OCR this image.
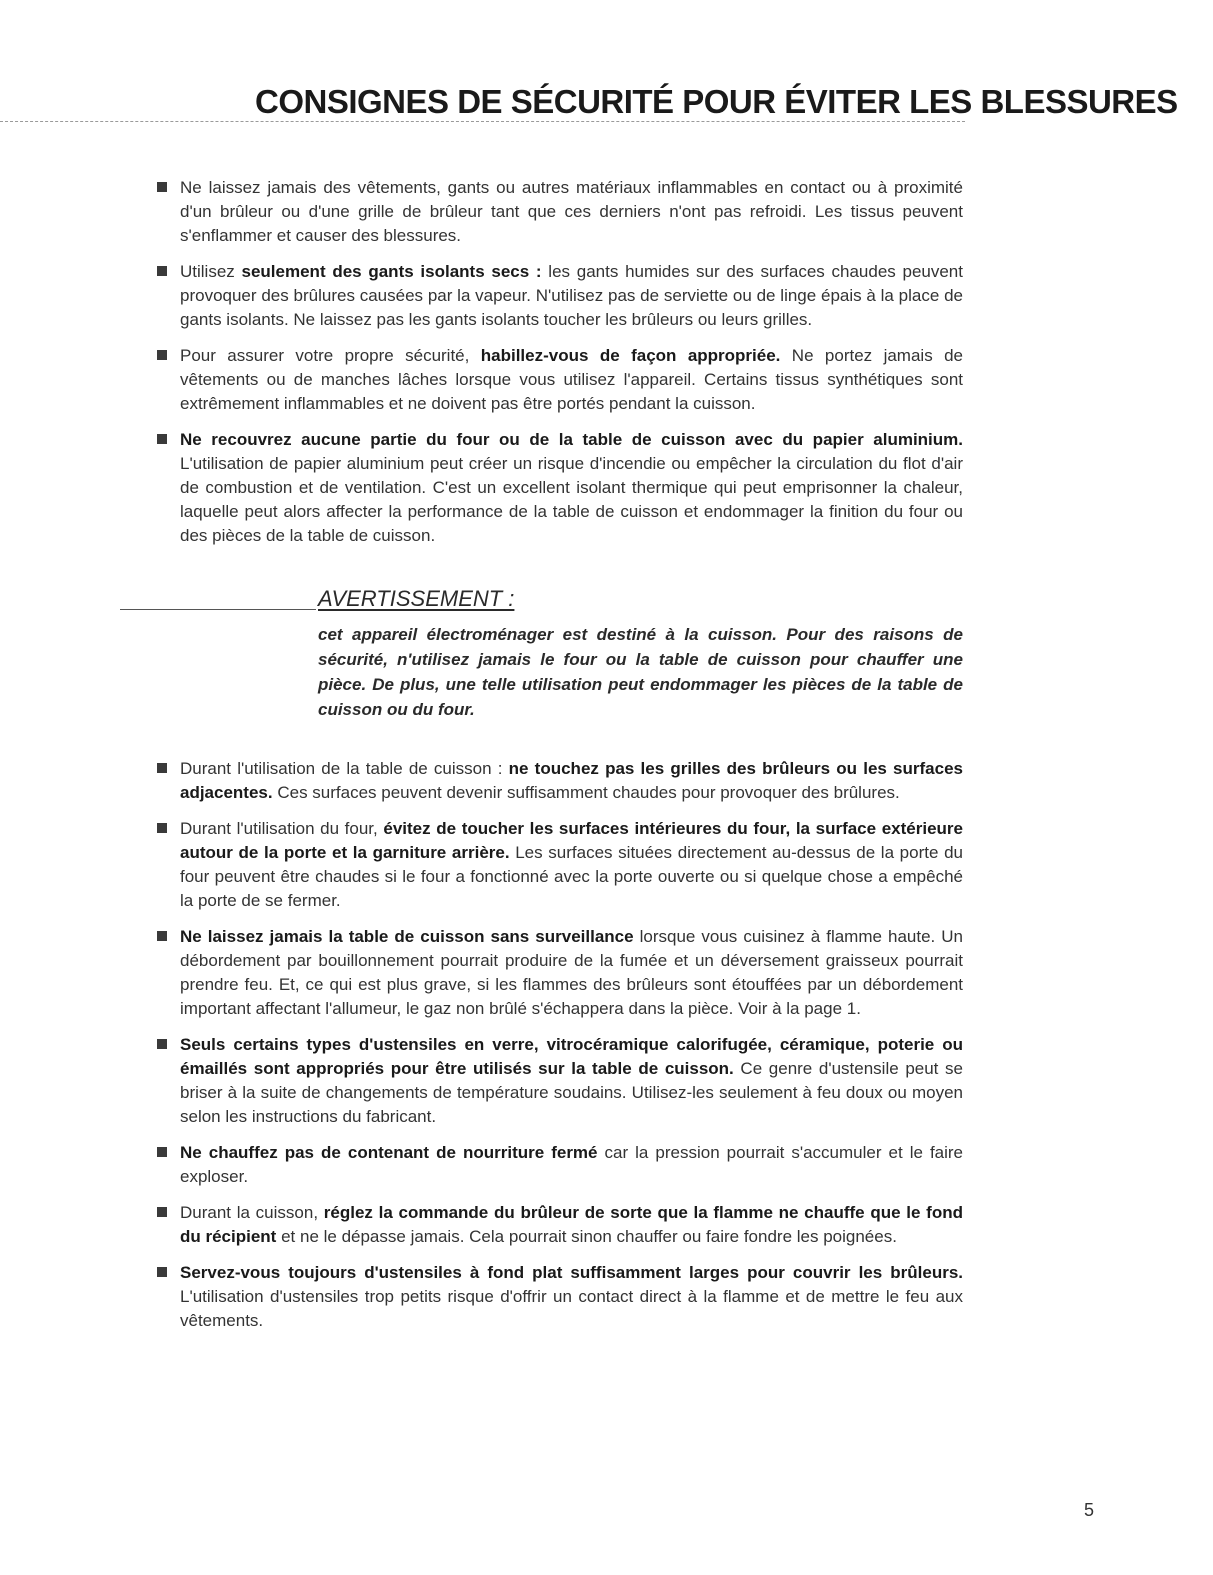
CONSIGNES DE SÉCURITÉ POUR ÉVITER LES BLESSURES
Ne laissez jamais des vêtements, gants ou autres matériaux inflammables en contact ou à proximité d'un brûleur ou d'une grille de brûleur tant que ces derniers n'ont pas refroidi. Les tissus peuvent s'enflammer et causer des blessures.
Utilisez seulement des gants isolants secs : les gants humides sur des surfaces chaudes peuvent provoquer des brûlures causées par la vapeur. N'utilisez pas de serviette ou de linge épais à la place de gants isolants. Ne laissez pas les gants isolants toucher les brûleurs ou leurs grilles.
Pour assurer votre propre sécurité, habillez-vous de façon appropriée. Ne portez jamais de vêtements ou de manches lâches lorsque vous utilisez l'appareil. Certains tissus synthétiques sont extrêmement inflammables et ne doivent pas être portés pendant la cuisson.
Ne recouvrez aucune partie du four ou de la table de cuisson avec du papier aluminium. L'utilisation de papier aluminium peut créer un risque d'incendie ou empêcher la circulation du flot d'air de combustion et de ventilation. C'est un excellent isolant thermique qui peut emprisonner la chaleur, laquelle peut alors affecter la performance de la table de cuisson et endommager la finition du four ou des pièces de la table de cuisson.
AVERTISSEMENT :

cet appareil électroménager est destiné à la cuisson. Pour des raisons de sécurité, n'utilisez jamais le four ou la table de cuisson pour chauffer une pièce. De plus, une telle utilisation peut endommager les pièces de la table de cuisson ou du four.

Durant l'utilisation de la table de cuisson : ne touchez pas les grilles des brûleurs ou les surfaces adjacentes. Ces surfaces peuvent devenir suffisamment chaudes pour provoquer des brûlures.
Durant l'utilisation du four, évitez de toucher les surfaces intérieures du four, la surface extérieure autour de la porte et la garniture arrière. Les surfaces situées directement au-dessus de la porte du four peuvent être chaudes si le four a fonctionné avec la porte ouverte ou si quelque chose a empêché la porte de se fermer.
Ne laissez jamais la table de cuisson sans surveillance lorsque vous cuisinez à flamme haute. Un débordement par bouillonnement pourrait produire de la fumée et un déversement graisseux pourrait prendre feu. Et, ce qui est plus grave, si les flammes des brûleurs sont étouffées par un débordement important affectant l'allumeur, le gaz non brûlé s'échappera dans la pièce. Voir à la page 1.
Seuls certains types d'ustensiles en verre, vitrocéramique calorifugée, céramique, poterie ou émaillés sont appropriés pour être utilisés sur la table de cuisson. Ce genre d'ustensile peut se briser à la suite de changements de température soudains. Utilisez-les seulement à feu doux ou moyen selon les instructions du fabricant.
Ne chauffez pas de contenant de nourriture fermé car la pression pourrait s'accumuler et le faire exploser.
Durant la cuisson, réglez la commande du brûleur de sorte que la flamme ne chauffe que le fond du récipient et ne le dépasse jamais. Cela pourrait sinon chauffer ou faire fondre les poignées.
Servez-vous toujours d'ustensiles à fond plat suffisamment larges pour couvrir les brûleurs. L'utilisation d'ustensiles trop petits risque d'offrir un contact direct à la flamme et de mettre le feu aux vêtements.
5
